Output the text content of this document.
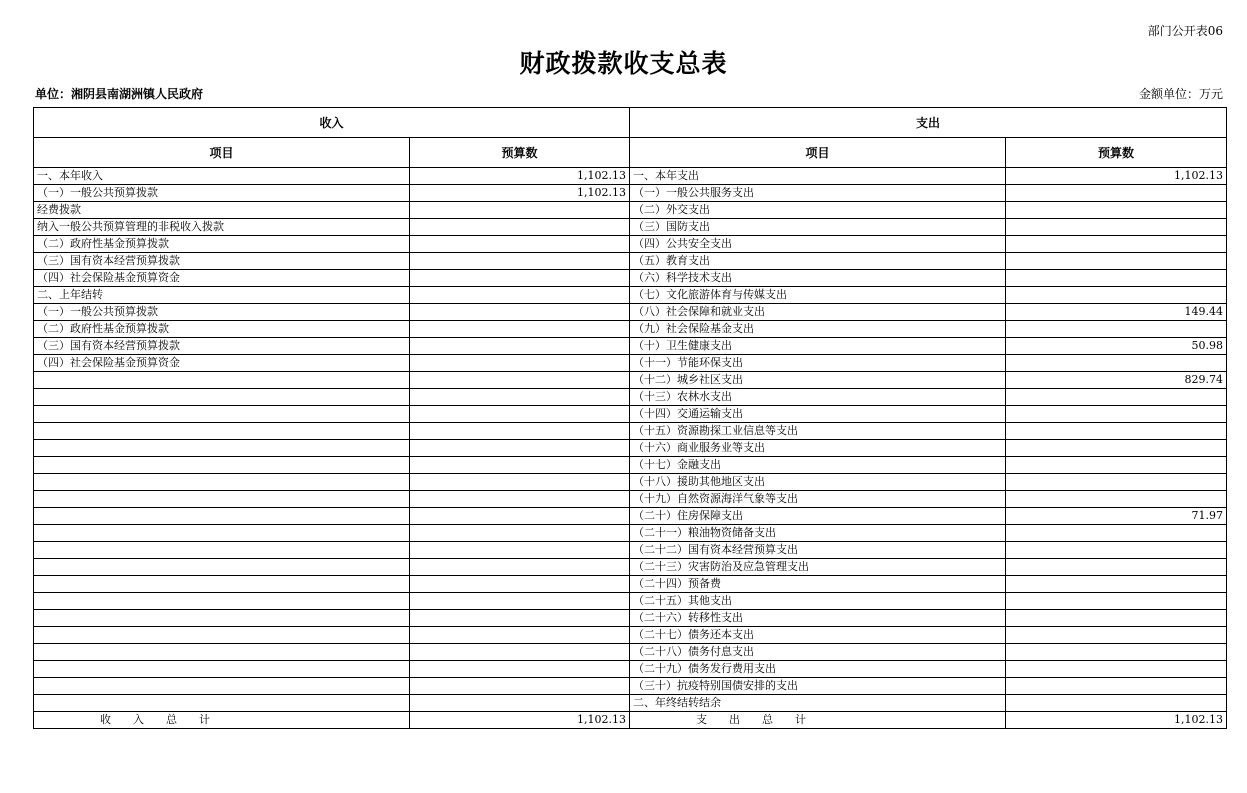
部门公开表06
财政拨款收支总表
单位：湘阴县南湖洲镇人民政府	金额单位：万元
收入		支出	
项目	预算数	项目	预算数
一、本年收入	1,102.13	一、本年支出	1,102.13
（一）一般公共预算拨款	1,102.13	（一）一般公共服务支出	
经费拨款		（二）外交支出	
纳入一般公共预算管理的非税收入拨款		（三）国防支出	
（二）政府性基金预算拨款		（四）公共安全支出	
（三）国有资本经营预算拨款		（五）教育支出	
（四）社会保险基金预算资金		（六）科学技术支出	
二、上年结转		（七）文化旅游体育与传媒支出	
（一）一般公共预算拨款		（八）社会保障和就业支出	149.44
（二）政府性基金预算拨款		（九）社会保险基金支出	
（三）国有资本经营预算拨款		（十）卫生健康支出	50.98
（四）社会保险基金预算资金		（十一）节能环保支出	
		（十二）城乡社区支出	829.74
		（十三）农林水支出	
		（十四）交通运输支出	
		（十五）资源勘探工业信息等支出	
		（十六）商业服务业等支出	
		（十七）金融支出	
		（十八）援助其他地区支出	
		（十九）自然资源海洋气象等支出	
		（二十）住房保障支出	71.97
		（二十一）粮油物资储备支出	
		（二十二）国有资本经营预算支出	
		（二十三）灾害防治及应急管理支出	
		（二十四）预备费	
		（二十五）其他支出	
		（二十六）转移性支出	
		（二十七）债务还本支出	
		（二十八）债务付息支出	
		（二十九）债务发行费用支出	
		（三十）抗疫特别国债安排的支出	
		二、年终结转结余	
收　　入　　总　　计	1,102.13	支　　出　　总　　计	1,102.13
